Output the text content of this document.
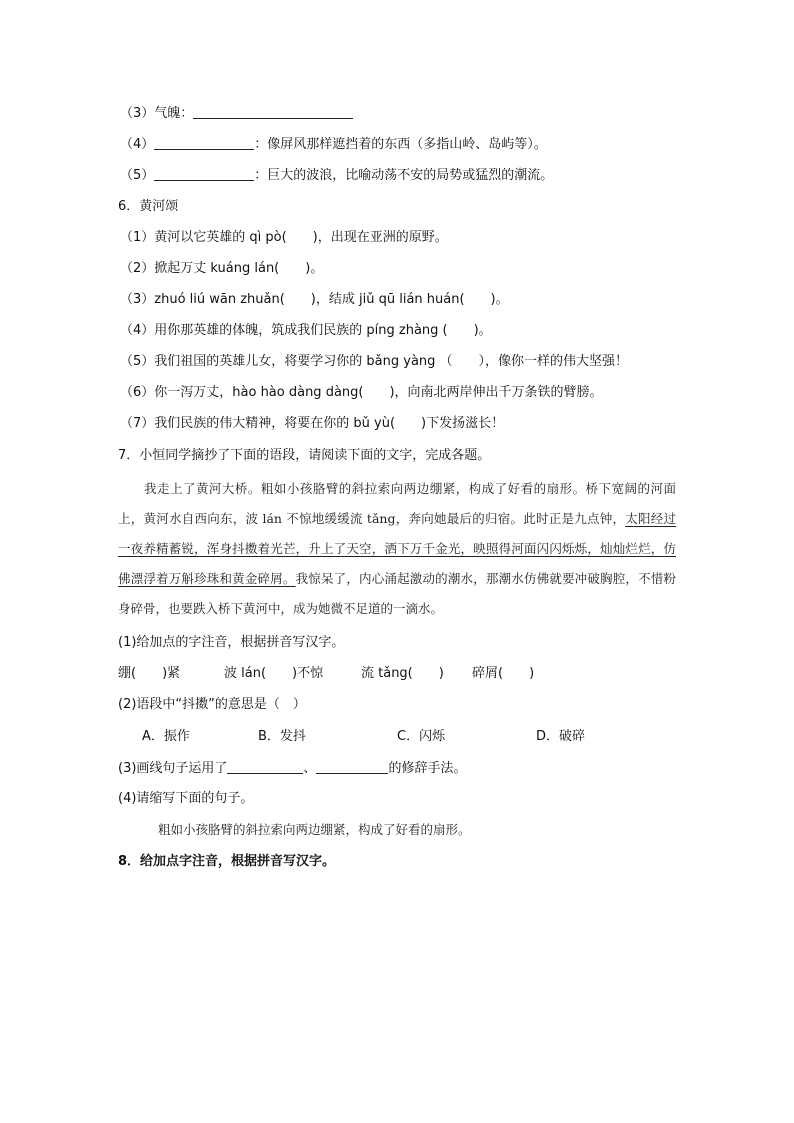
（3）气魄：
（4）	：像屏风那样遮挡着的东西（多指山岭、岛屿等）。
（5）	：巨大的波浪，比喻动荡不安的局势或猛烈的潮流。
6．黄河颂
（1）黄河以它英雄的 qì pò(　　)，出现在亚洲的原野。
（2）掀起万丈 kuáng lán(　　)。
（3）zhuó liú wān zhuǎn(　　)，结成 jiǔ qū lián huán(　　)。
（4）用你那英雄的体魄，筑成我们民族的 píng zhàng (　　)。
（5）我们祖国的英雄儿女，将要学习你的 bǎng yàng （　　），像你一样的伟大坚强！
（6）你一泻万丈，hào hào dàng dàng(　　)，向南北两岸伸出千万条铁的臂膀。
（7）我们民族的伟大精神，将要在你的 bǔ yù(　　)下发扬滋长！
7．小恒同学摘抄了下面的语段，请阅读下面的文字，完成各题。
我走上了黄河大桥。粗如小孩胳臂的斜拉索向两边绷紧，构成了好看的扇形。桥下宽阔的河面上，黄河水自西向东，波 lán 不惊地缓缓流 tǎng，奔向她最后的归宿。此时正是九点钟，太阳经过一夜养精蓄锐，浑身抖擞着光芒，升上了天空，洒下万千金光，映照得河面闪闪烁烁，灿灿烂烂，仿佛漂浮着万斛珍珠和黄金碎屑。我惊呆了，内心涌起激动的潮水，那潮水仿佛就要冲破胸腔，不惜粉身碎骨，也要跌入桥下黄河中，成为她微不足道的一滴水。
(1)给加点的字注音，根据拼音写汉字。
绷(　　)紧	波 lán(　　)不惊	流 tǎng(　　) 碎屑(　　)
(2)语段中“抖擞”的意思是（　）
A．振作	B．发抖	C．闪烁	D．破碎
(3)画线句子运用了	、	的修辞手法。
(4)请缩写下面的句子。
粗如小孩胳臂的斜拉索向两边绷紧，构成了好看的扇形。
8．给加点字注音，根据拼音写汉字。
